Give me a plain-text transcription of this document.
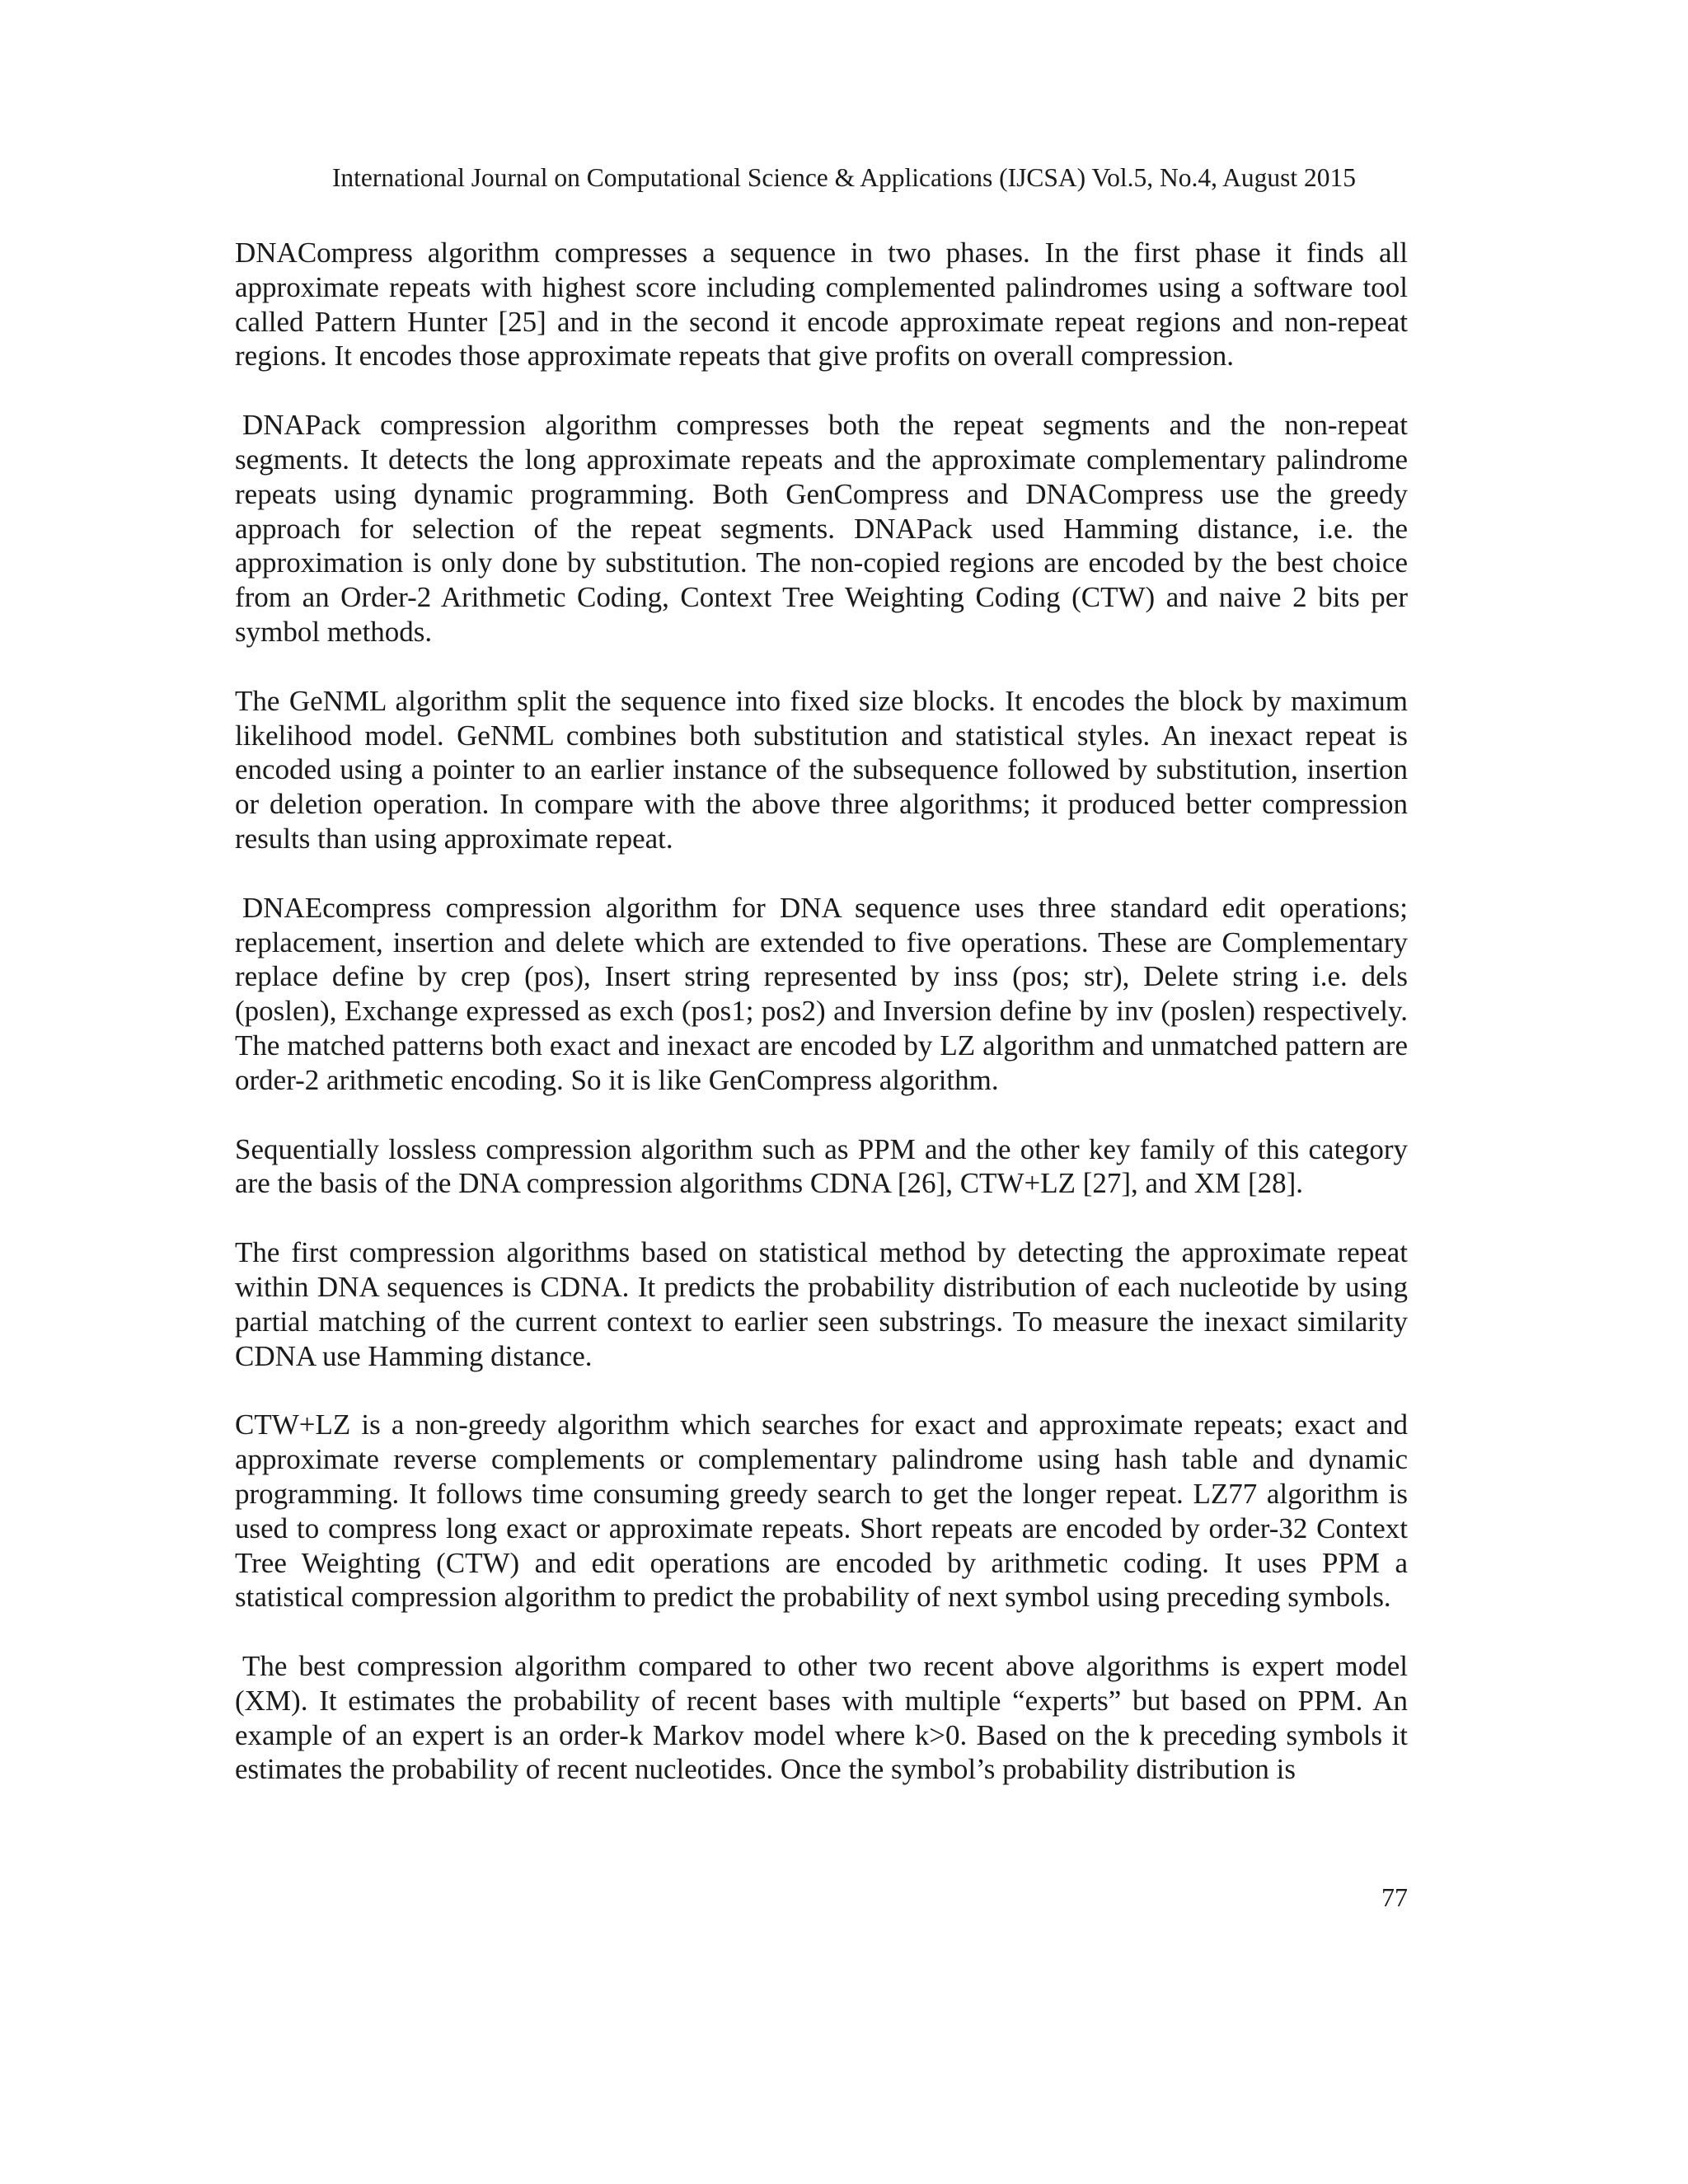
International Journal on Computational Science & Applications (IJCSA) Vol.5, No.4, August 2015

DNACompress algorithm compresses a sequence in two phases. In the first phase it finds all approximate repeats with highest score including complemented palindromes using a software tool called Pattern Hunter [25] and in the second it encode approximate repeat regions and non-repeat regions. It encodes those approximate repeats that give profits on overall compression.

DNAPack compression algorithm compresses both the repeat segments and the non-repeat segments. It detects the long approximate repeats and the approximate complementary palindrome repeats using dynamic programming. Both GenCompress and DNACompress use the greedy approach for selection of the repeat segments. DNAPack used Hamming distance, i.e. the approximation is only done by substitution. The non-copied regions are encoded by the best choice from an Order-2 Arithmetic Coding, Context Tree Weighting Coding (CTW) and naive 2 bits per symbol methods.

The GeNML algorithm split the sequence into fixed size blocks. It encodes the block by maximum likelihood model. GeNML combines both substitution and statistical styles. An inexact repeat is encoded using a pointer to an earlier instance of the subsequence followed by substitution, insertion or deletion operation. In compare with the above three algorithms; it produced better compression results than using approximate repeat.

DNAEcompress compression algorithm for DNA sequence uses three standard edit operations; replacement, insertion and delete which are extended to five operations. These are Complementary replace define by crep (pos), Insert string represented by inss (pos; str), Delete string i.e. dels (poslen), Exchange expressed as exch (pos1; pos2) and Inversion define by inv (poslen) respectively. The matched patterns both exact and inexact are encoded by LZ algorithm and unmatched pattern are order-2 arithmetic encoding. So it is like GenCompress algorithm.

Sequentially lossless compression algorithm such as PPM and the other key family of this category are the basis of the DNA compression algorithms CDNA [26], CTW+LZ [27], and XM [28].

The first compression algorithms based on statistical method by detecting the approximate repeat within DNA sequences is CDNA. It predicts the probability distribution of each nucleotide by using partial matching of the current context to earlier seen substrings. To measure the inexact similarity CDNA use Hamming distance.

CTW+LZ is a non-greedy algorithm which searches for exact and approximate repeats; exact and approximate reverse complements or complementary palindrome using hash table and dynamic programming. It follows time consuming greedy search to get the longer repeat. LZ77 algorithm is used to compress long exact or approximate repeats. Short repeats are encoded by order-32 Context Tree Weighting (CTW) and edit operations are encoded by arithmetic coding. It uses PPM a statistical compression algorithm to predict the probability of next symbol using preceding symbols.

The best compression algorithm compared to other two recent above algorithms is expert model (XM). It estimates the probability of recent bases with multiple “experts” but based on PPM. An example of an expert is an order-k Markov model where k>0. Based on the k preceding symbols it estimates the probability of recent nucleotides. Once the symbol’s probability distribution is

77
